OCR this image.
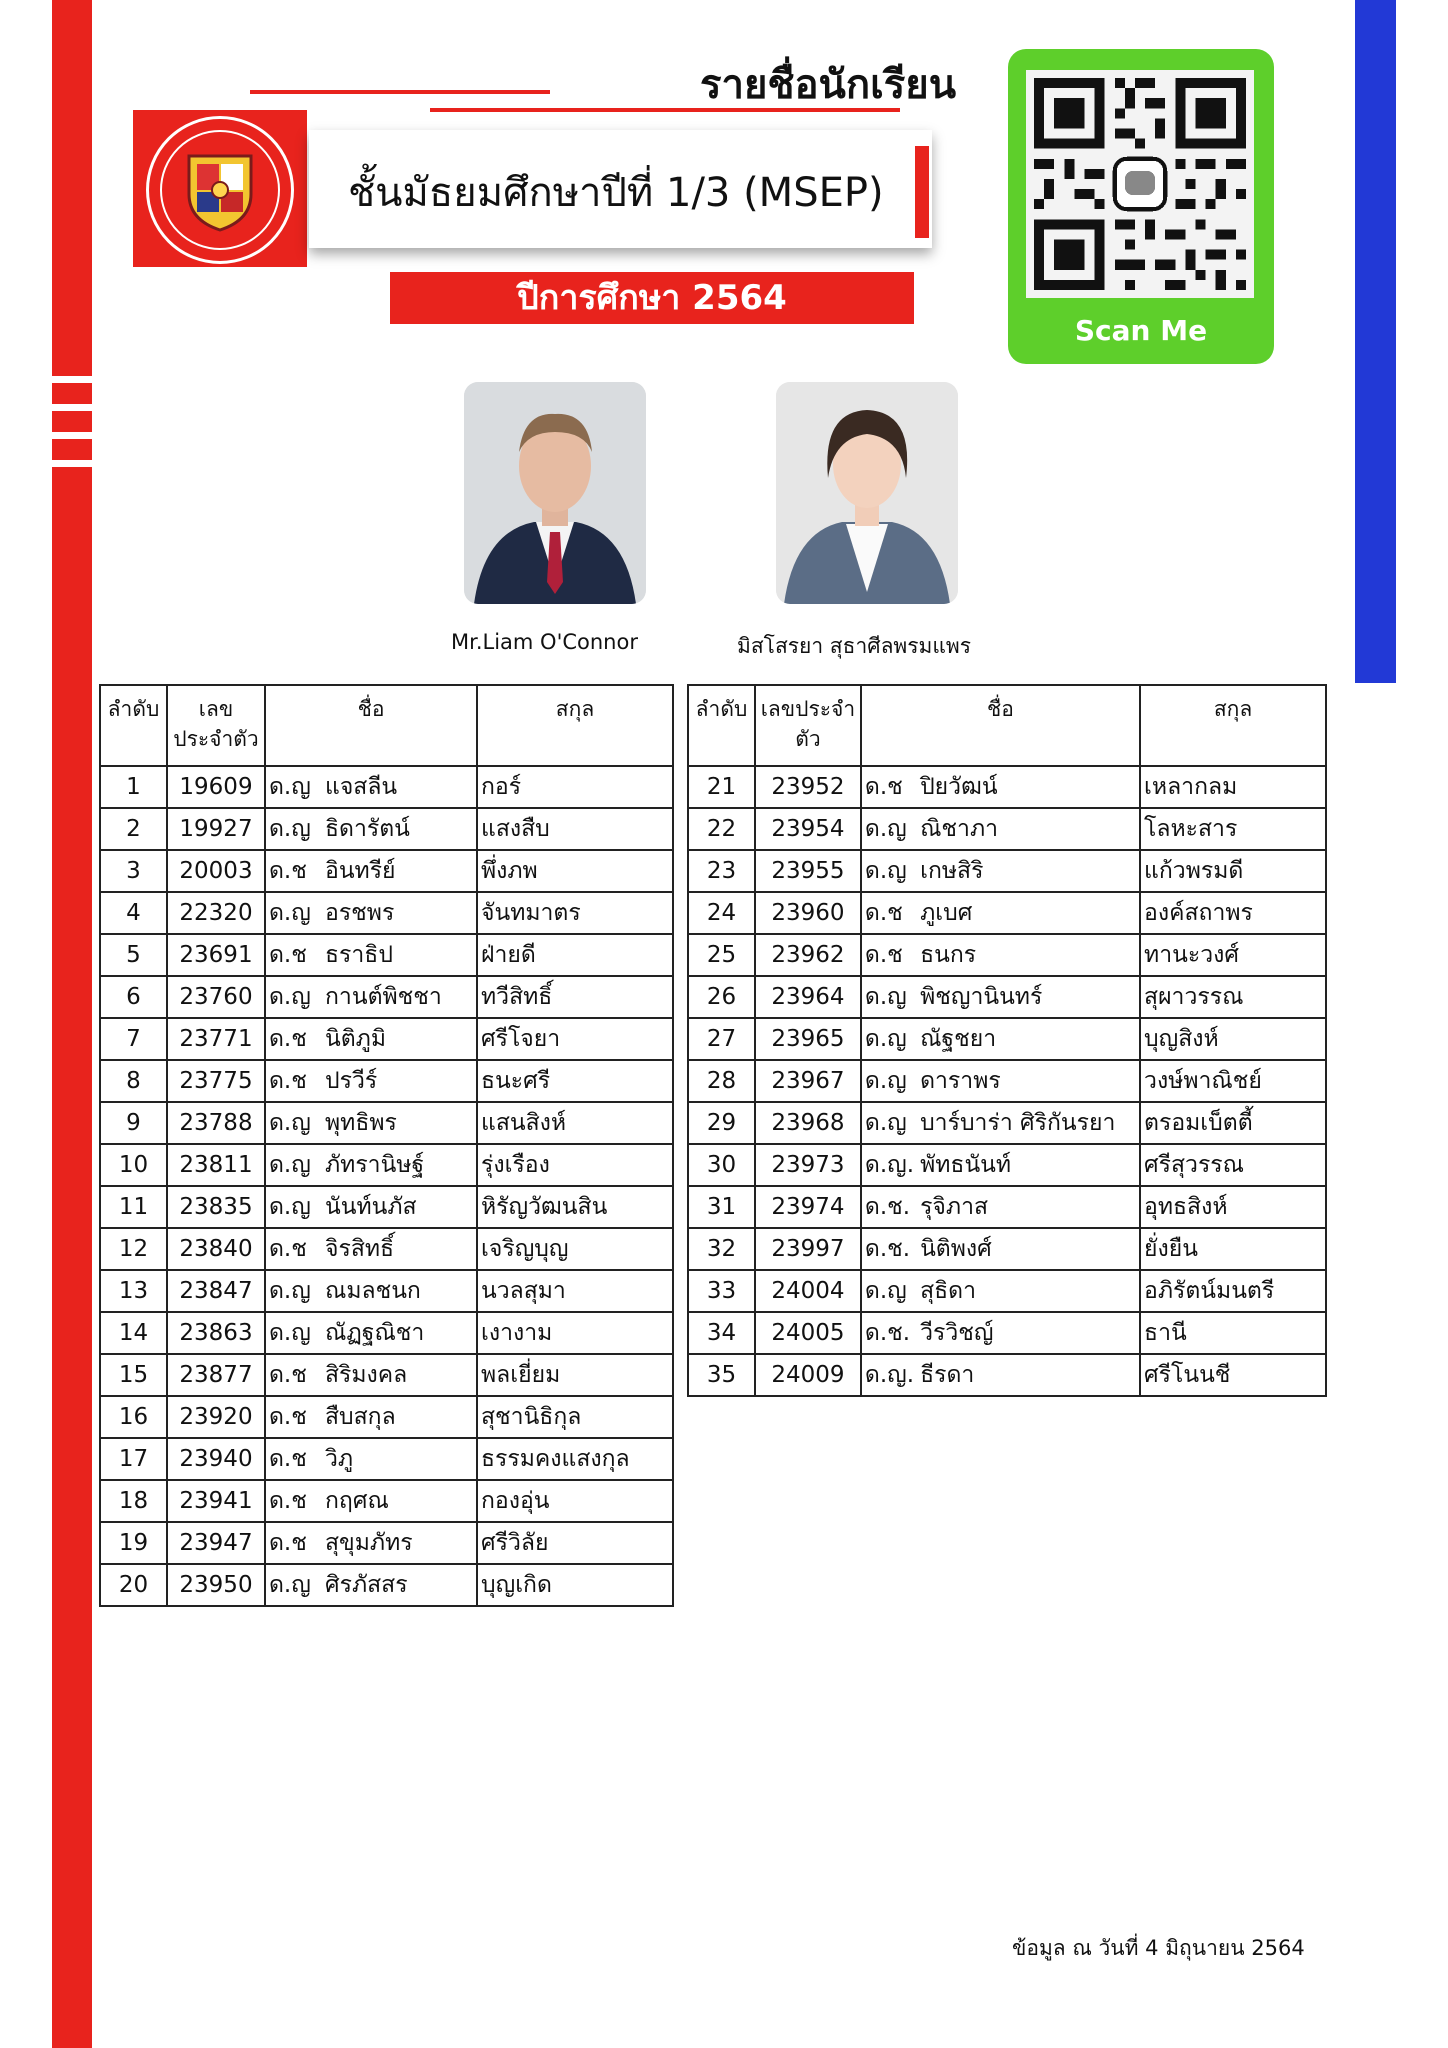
รายชื่อนักเรียน
ชั้นมัธยมศึกษาปีที่ 1/3 (MSEP)
ปีการศึกษา 2564
Scan Me
Mr.Liam O'Connor	มิสโสรยา สุธาศีลพรมแพร
ลำดับ	เลขประจำตัว	ชื่อ		สกุล
1	19609	ด.ญ	แจสลีน	กอร์
2	19927	ด.ญ	ธิดารัตน์	แสงสืบ
3	20003	ด.ช	อินทรีย์	พึ่งภพ
4	22320	ด.ญ	อรชพร	จันทมาตร
5	23691	ด.ช	ธราธิป	ฝ่ายดี
6	23760	ด.ญ	กานต์พิชชา	ทวีสิทธิ์
7	23771	ด.ช	นิติภูมิ	ศรีโจยา
8	23775	ด.ช	ปรวีร์	ธนะศรี
9	23788	ด.ญ	พุทธิพร	แสนสิงห์
10	23811	ด.ญ	ภัทรานิษฐ์	รุ่งเรือง
11	23835	ด.ญ	นันท์นภัส	หิรัญวัฒนสิน
12	23840	ด.ช	จิรสิทธิ์	เจริญบุญ
13	23847	ด.ญ	ณมลชนก	นวลสุมา
14	23863	ด.ญ	ณัฏฐณิชา	เงางาม
15	23877	ด.ช	สิริมงคล	พลเยี่ยม
16	23920	ด.ช	สืบสกุล	สุชานิธิกุล
17	23940	ด.ช	วิภู	ธรรมคงแสงกุล
18	23941	ด.ช	กฤศณ	กองอุ่น
19	23947	ด.ช	สุขุมภัทร	ศรีวิลัย
20	23950	ด.ญ	ศิรภัสสร	บุญเกิด
ลำดับ	เลขประจำตัว	ชื่อ		สกุล
21	23952	ด.ช	ปิยวัฒน์	เหลากลม
22	23954	ด.ญ	ณิชาภา	โลหะสาร
23	23955	ด.ญ	เกษสิริ	แก้วพรมดี
24	23960	ด.ช	ภูเบศ	องค์สถาพร
25	23962	ด.ช	ธนกร	ทานะวงศ์
26	23964	ด.ญ	พิชญานินทร์	สุผาวรรณ
27	23965	ด.ญ	ณัฐชยา	บุญสิงห์
28	23967	ด.ญ	ดาราพร	วงษ์พาณิชย์
29	23968	ด.ญ	บาร์บาร่า ศิริกันรยา	ตรอมเบ็ตตี้
30	23973	ด.ญ.	พัทธนันท์	ศรีสุวรรณ
31	23974	ด.ช.	รุจิภาส	อุทธสิงห์
32	23997	ด.ช.	นิติพงศ์	ยั่งยืน
33	24004	ด.ญ	สุธิดา	อภิรัตน์มนตรี
34	24005	ด.ช.	วีรวิชญ์	ธานี
35	24009	ด.ญ.	ธีรดา	ศรีโนนชี
ข้อมูล ณ วันที่ 4 มิถุนายน 2564
